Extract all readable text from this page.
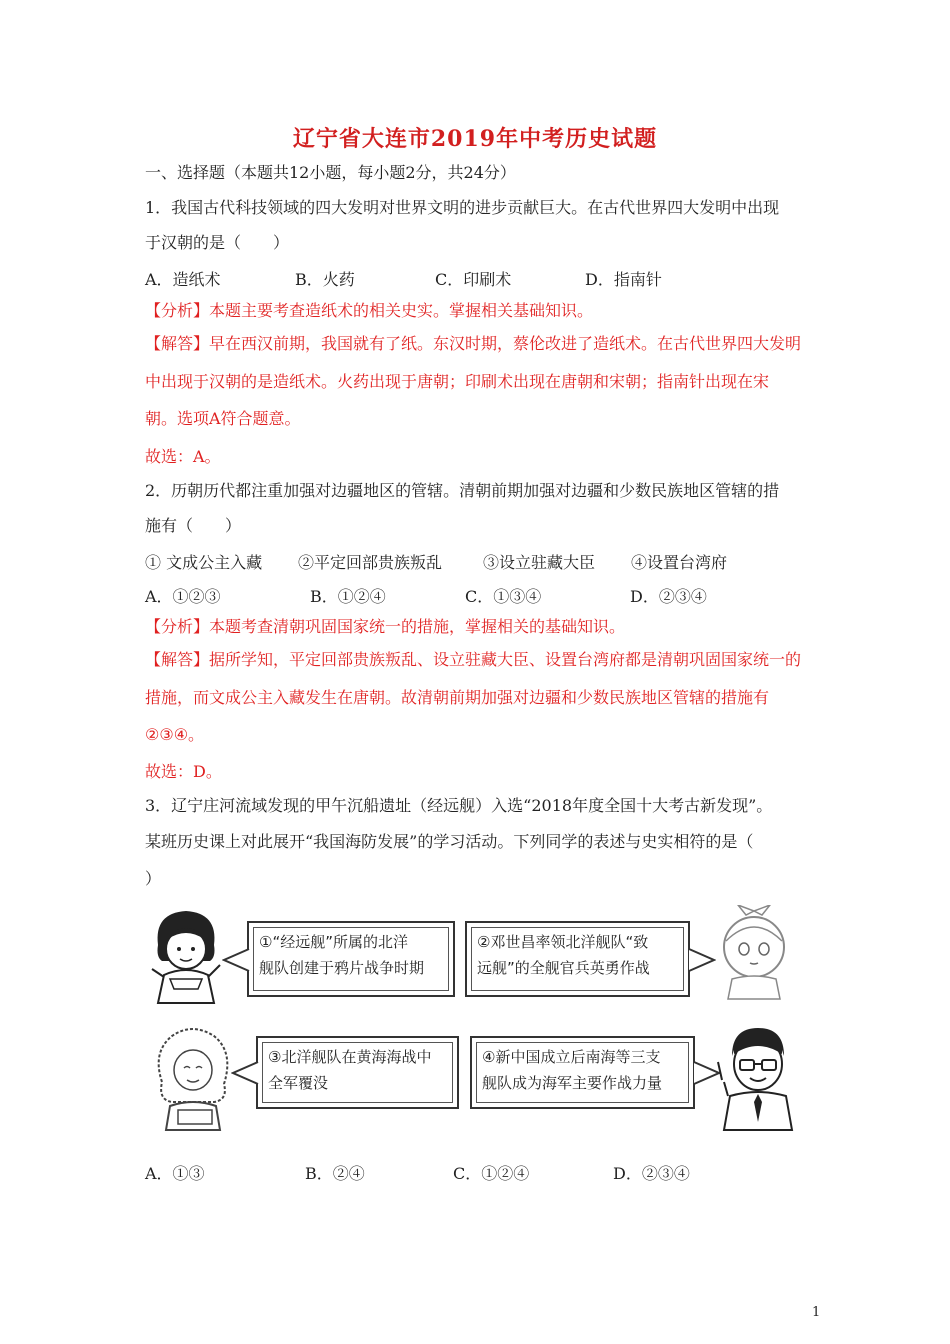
辽宁省大连市2019年中考历史试题
一、选择题（本题共12小题，每小题2分，共24分）
1．我国古代科技领域的四大发明对世界文明的进步贡献巨大。在古代世界四大发明中出现
于汉朝的是（　　）
A．造纸术	B．火药	C．印刷术	D．指南针
【分析】本题主要考查造纸术的相关史实。掌握相关基础知识。
【解答】早在西汉前期，我国就有了纸。东汉时期，蔡伦改进了造纸术。在古代世界四大发明
中出现于汉朝的是造纸术。火药出现于唐朝；印刷术出现在唐朝和宋朝；指南针出现在宋
朝。选项A符合题意。
故选：A。
2．历朝历代都注重加强对边疆地区的管辖。清朝前期加强对边疆和少数民族地区管辖的措
施有（　　）
① 文成公主入藏 ②平定回部贵族叛乱	③设立驻藏大臣 ④设置台湾府
A．①②③	B．①②④	C．①③④	D．②③④
【分析】本题考查清朝巩固国家统一的措施，掌握相关的基础知识。
【解答】据所学知，平定回部贵族叛乱、设立驻藏大臣、设置台湾府都是清朝巩固国家统一的
措施，而文成公主入藏发生在唐朝。故清朝前期加强对边疆和少数民族地区管辖的措施有
②③④。
故选：D。
3．辽宁庄河流域发现的甲午沉船遗址（经远舰）入选“2018年度全国十大考古新发现”。
某班历史课上对此展开“我国海防发展”的学习活动。下列同学的表述与史实相符的是（
）
①“经远舰”所属的北洋
舰队创建于鸦片战争时期
②邓世昌率领北洋舰队“致
远舰”的全舰官兵英勇作战
③北洋舰队在黄海海战中
全军覆没
④新中国成立后南海等三支
舰队成为海军主要作战力量
A．①③	B．②④	C．①②④	D．②③④
1
